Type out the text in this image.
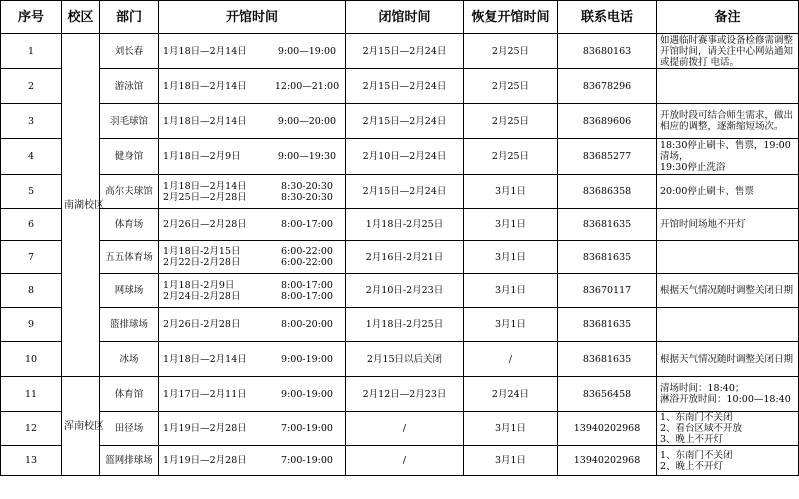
序号	校区	部门	开馆时间	闭馆时间	恢复开馆时间	联系电话	备注
1	南湖校区	刘长春	1月18日—2月14日 9:00—19:00	2月15日—2月24日	2月25日	83680163	如遇临时赛事或设备检修需调整开馆时间，请关注中心网站通知或提前拨打 电话。

2		游泳馆	1月18日—2月14日 12:00—21:00	2月15日—2月24日	2月25日	83678296	
3		羽毛球馆	1月18日—2月14日 9:00—20:00	2月15日—2月24日	2月25日	83689606	开放时段可结合师生需求，做出相应的调整，逐渐缩短场次。

4		健身馆	1月18日—2月9日 9:00—19:30	2月10日—2月24日	2月25日	83685277	18:30停止刷卡、售票，19:00清场，
19:30停止洗浴

5		高尔夫球馆	1月18日—2月14日 8:30-20:30
2月25日—2月28日 8:30-20:30	2月15日—2月24日	3月1日	83686358	20:00停止刷卡、售票

6		体育场	2月26日—2月28日 8:00-17:00	1月18日-2月25日	3月1日	83681635	开馆时间场地不开灯

7		五五体育场	1月18日-2月15日 6:00-22:00
2月22日-2月28日 6:00-22:00	2月16日-2月21日	3月1日	83681635	
8		网球场	1月18日-2月9日 8:00-17:00
2月24日-2月28日 8:00-17:00	2月10日-2月23日	3月1日	83670117	根据天气情况随时调整关闭日期

9		篮排球场	2月26日-2月28日 8:00-20:00	1月18日-2月25日	3月1日	83681635	
10		冰场	1月18日—2月14日 9:00-19:00	2月15日以后关闭	/	83681635	根据天气情况随时调整关闭日期

11	浑南校区	体育馆	1月17日—2月11日 9:00-19:00	2月12日—2月23日	2月24日	83656458	清场时间：18:40；
淋浴开放时间：10:00—18:40

12		田径场	1月19日—2月28日 7:00-19:00	/	3月1日	13940202968	1、东南门不关闭
2、看台区域不开放
3、晚上不开灯

13		篮网排球场	1月19日—2月28日 7:00-19:00	/	3月1日	13940202968	1、东南门不关闭
2、晚上不开灯
